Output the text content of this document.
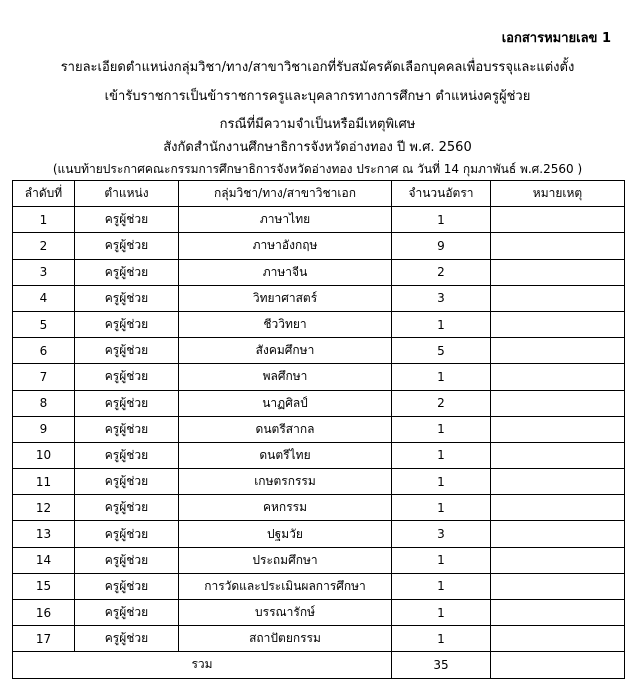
เอกสารหมายเลข 1
รายละเอียดตำแหน่งกลุ่มวิชา/ทาง/สาขาวิชาเอกที่รับสมัครคัดเลือกบุคคลเพื่อบรรจุและแต่งตั้ง
เข้ารับราชการเป็นข้าราชการครูและบุคลากรทางการศึกษา ตำแหน่งครูผู้ช่วย
กรณีที่มีความจำเป็นหรือมีเหตุพิเศษ
สังกัดสำนักงานศึกษาธิการจังหวัดอ่างทอง ปี พ.ศ. 2560
(แนบท้ายประกาศคณะกรรมการศึกษาธิการจังหวัดอ่างทอง ประกาศ ณ วันที่ 14 กุมภาพันธ์ พ.ศ.2560 )
ลำดับที่	ตำแหน่ง	กลุ่มวิชา/ทาง/สาขาวิชาเอก	จำนวนอัตรา	หมายเหตุ
1	ครูผู้ช่วย	ภาษาไทย	1	
2	ครูผู้ช่วย	ภาษาอังกฤษ	9	
3	ครูผู้ช่วย	ภาษาจีน	2	
4	ครูผู้ช่วย	วิทยาศาสตร์	3	
5	ครูผู้ช่วย	ชีววิทยา	1	
6	ครูผู้ช่วย	สังคมศึกษา	5	
7	ครูผู้ช่วย	พลศึกษา	1	
8	ครูผู้ช่วย	นาฏศิลป์	2	
9	ครูผู้ช่วย	ดนตรีสากล	1	
10	ครูผู้ช่วย	ดนตรีไทย	1	
11	ครูผู้ช่วย	เกษตรกรรม	1	
12	ครูผู้ช่วย	คหกรรม	1	
13	ครูผู้ช่วย	ปฐมวัย	3	
14	ครูผู้ช่วย	ประถมศึกษา	1	
15	ครูผู้ช่วย	การวัดและประเมินผลการศึกษา	1	
16	ครูผู้ช่วย	บรรณารักษ์	1	
17	ครูผู้ช่วย	สถาปัตยกรรม	1	
รวม			35	
